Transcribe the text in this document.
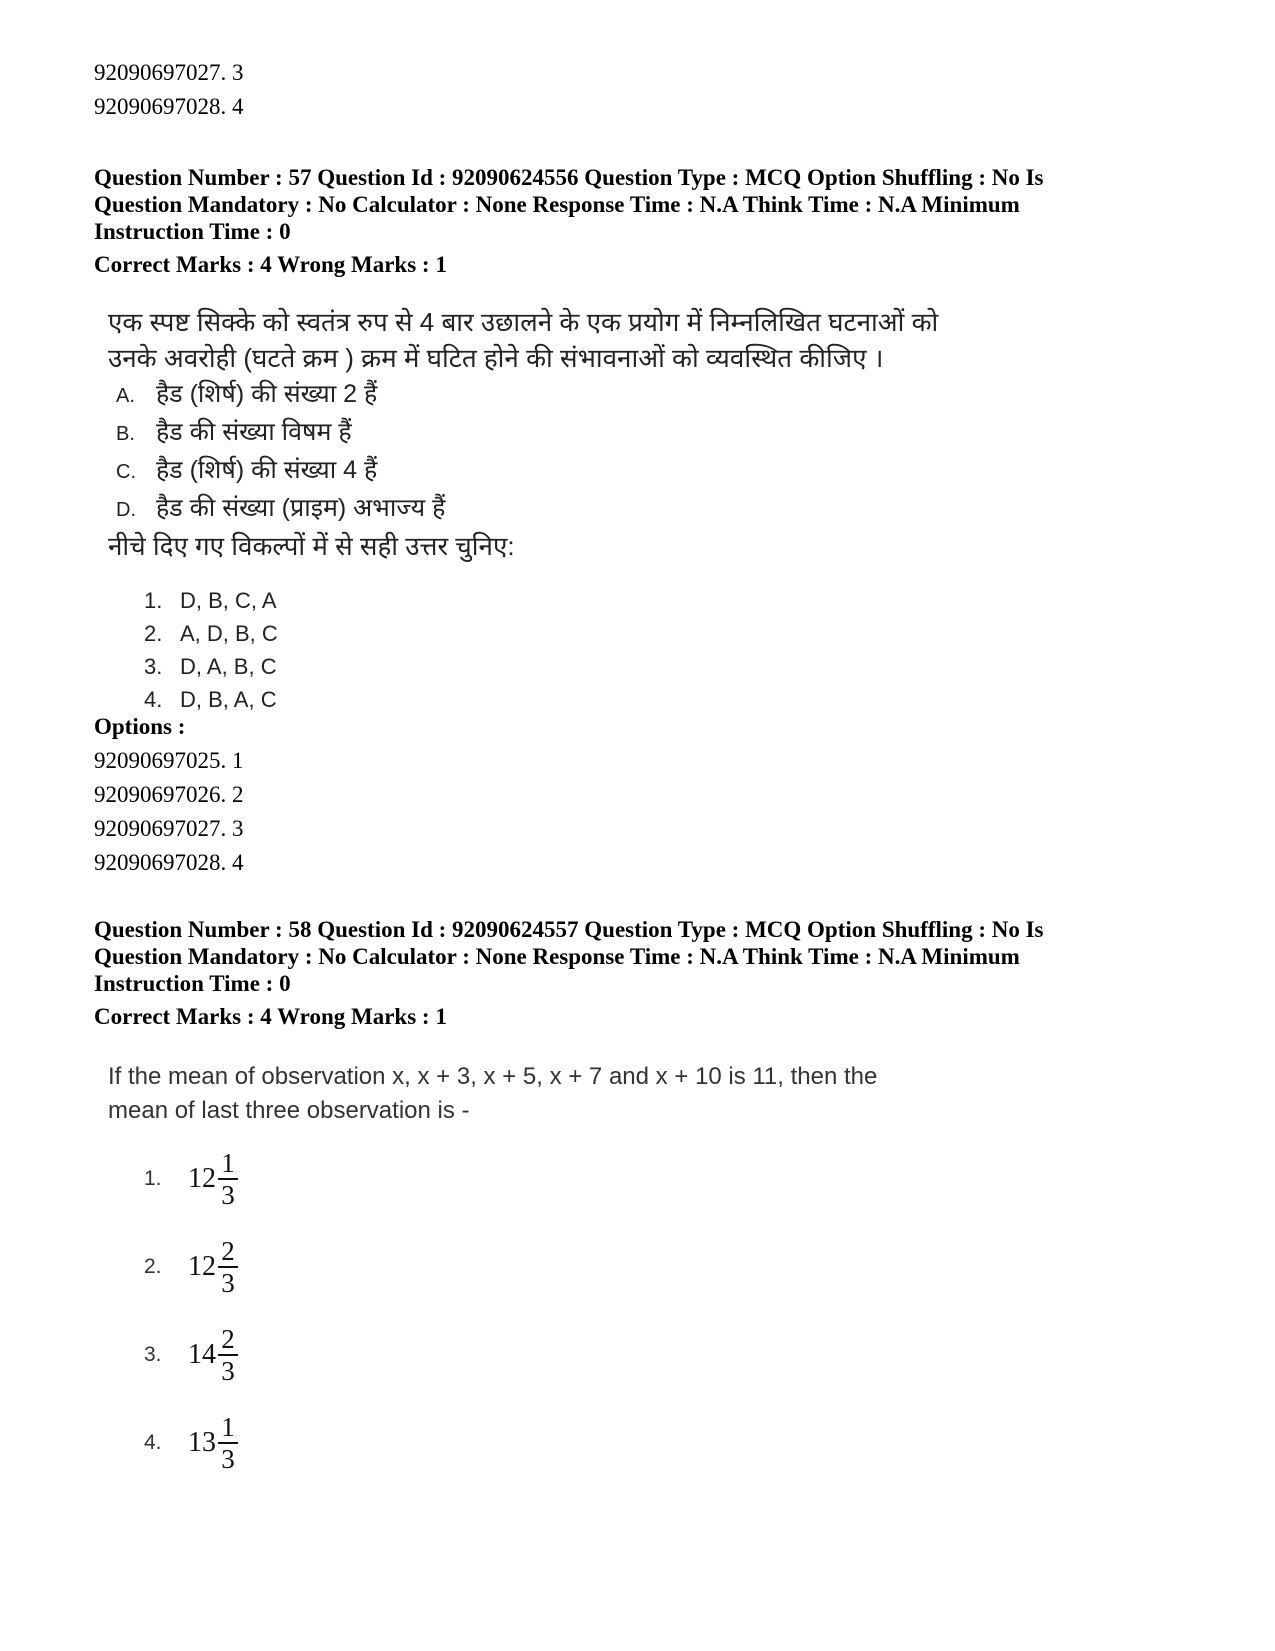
92090697027. 3

92090697028. 4

Question Number : 57 Question Id : 92090624556 Question Type : MCQ Option Shuffling : No Is

Question Mandatory : No Calculator : None Response Time : N.A Think Time : N.A Minimum

Instruction Time : 0

Correct Marks : 4 Wrong Marks : 1

एक स्पष्ट सिक्के को स्वतंत्र रुप से 4 बार उछालने के एक प्रयोग में निम्नलिखित घटनाओं को

उनके अवरोही (घटते क्रम ) क्रम में घटित होने की संभावनाओं को व्यवस्थित कीजिए ।

A. हैड (शिर्ष) की संख्या 2 हैं

B. हैड की संख्या विषम हैं

C. हैड (शिर्ष) की संख्या 4 हैं

D. हैड की संख्या (प्राइम) अभाज्य हैं

नीचे दिए गए विकल्पों में से सही उत्तर चुनिए:

1. D, B, C, A

2. A, D, B, C

3. D, A, B, C

4. D, B, A, C

Options :

92090697025. 1

92090697026. 2

92090697027. 3

92090697028. 4

Question Number : 58 Question Id : 92090624557 Question Type : MCQ Option Shuffling : No Is

Question Mandatory : No Calculator : None Response Time : N.A Think Time : N.A Minimum

Instruction Time : 0

Correct Marks : 4 Wrong Marks : 1

If the mean of observation x, x + 3, x + 5, x + 7 and x + 10 is 11, then the

mean of last three observation is -

1. $12 \frac{1}{3}$
2. $12 \frac{2}{3}$
3. $14 \frac{2}{3}$
4. $13 \frac{1}{3}$
